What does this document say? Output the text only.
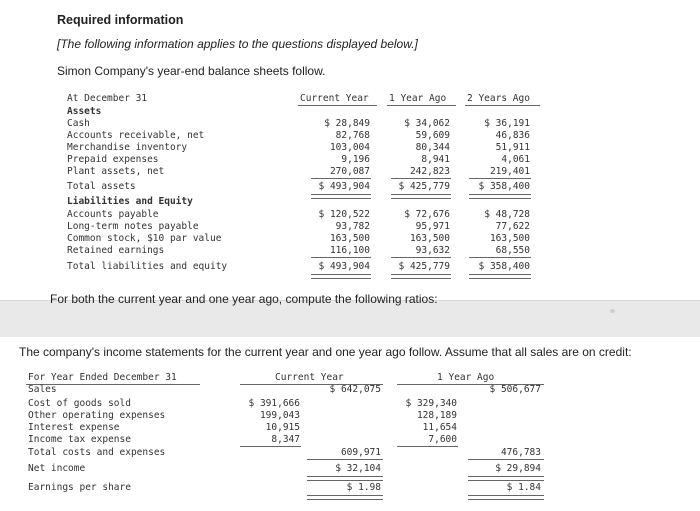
Required information
[The following information applies to the questions displayed below.]
Simon Company's year-end balance sheets follow.
At December 31	Current Year 1 Year Ago 2 Years Ago
Assets
Cash	$ 28,849	$ 34,062	$ 36,191
Accounts receivable, net	82,768	59,609	46,836
Merchandise inventory	103,004	80,344	51,911
Prepaid expenses	9,196	8,941	4,061
Plant assets, net	270,087	242,823	219,401
Total assets	$ 493,904	$ 425,779	$ 358,400
Liabilities and Equity
Accounts payable	$ 120,522	$ 72,676	$ 48,728
Long-term notes payable	93,782	95,971	77,622
Common stock, $10 par value	163,500	163,500	163,500
Retained earnings	116,100	93,632	68,550
Total liabilities and equity	$ 493,904	$ 425,779	$ 358,400
For both the current year and one year ago, compute the following ratios:
The company's income statements for the current year and one year ago follow. Assume that all sales are on credit:
For Year Ended December 31	Current Year	1 Year Ago
Sales	$ 642,075	$ 506,677
Cost of goods sold	$ 391,666	$ 329,340
Other operating expenses	199,043	128,189
Interest expense	10,915	11,654
Income tax expense	8,347	7,600
Total costs and expenses	609,971	476,783
Net income	$ 32,104	$ 29,894
Earnings per share	$ 1.98	$ 1.84
